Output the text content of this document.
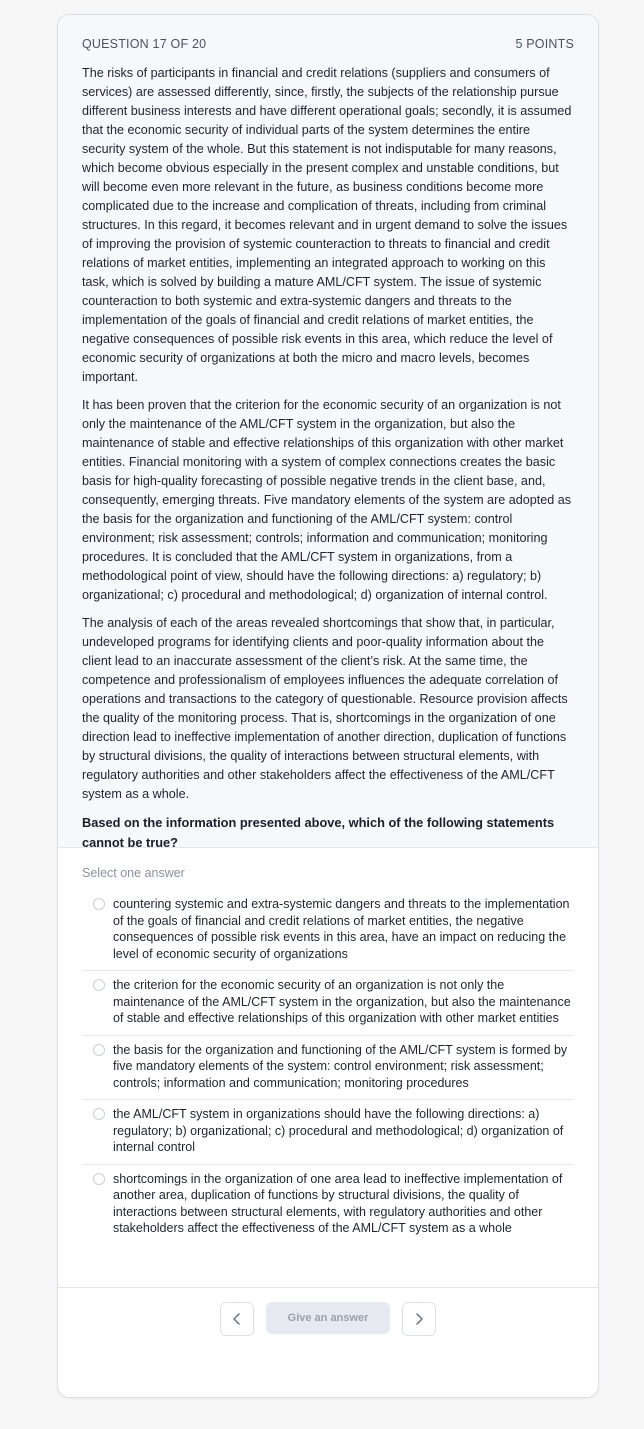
QUESTION 17 OF 20	5 POINTS

The risks of participants in financial and credit relations (suppliers and consumers of services) are assessed differently, since, firstly, the subjects of the relationship pursue different business interests and have different operational goals; secondly, it is assumed that the economic security of individual parts of the system determines the entire security system of the whole. But this statement is not indisputable for many reasons, which become obvious especially in the present complex and unstable conditions, but will become even more relevant in the future, as business conditions become more complicated due to the increase and complication of threats, including from criminal structures. In this regard, it becomes relevant and in urgent demand to solve the issues of improving the provision of systemic counteraction to threats to financial and credit relations of market entities, implementing an integrated approach to working on this task, which is solved by building a mature AML/CFT system. The issue of systemic counteraction to both systemic and extra-systemic dangers and threats to the implementation of the goals of financial and credit relations of market entities, the negative consequences of possible risk events in this area, which reduce the level of economic security of organizations at both the micro and macro levels, becomes important.

It has been proven that the criterion for the economic security of an organization is not only the maintenance of the AML/CFT system in the organization, but also the maintenance of stable and effective relationships of this organization with other market entities. Financial monitoring with a system of complex connections creates the basic basis for high-quality forecasting of possible negative trends in the client base, and, consequently, emerging threats. Five mandatory elements of the system are adopted as the basis for the organization and functioning of the AML/CFT system: control environment; risk assessment; controls; information and communication; monitoring procedures. It is concluded that the AML/CFT system in organizations, from a methodological point of view, should have the following directions: a) regulatory; b) organizational; c) procedural and methodological; d) organization of internal control.

The analysis of each of the areas revealed shortcomings that show that, in particular, undeveloped programs for identifying clients and poor-quality information about the client lead to an inaccurate assessment of the client’s risk. At the same time, the competence and professionalism of employees influences the adequate correlation of operations and transactions to the category of questionable. Resource provision affects the quality of the monitoring process. That is, shortcomings in the organization of one direction lead to ineffective implementation of another direction, duplication of functions by structural divisions, the quality of interactions between structural elements, with regulatory authorities and other stakeholders affect the effectiveness of the AML/CFT system as a whole.

Based on the information presented above, which of the following statements cannot be true?
Select one answer
countering systemic and extra-systemic dangers and threats to the implementation of the goals of financial and credit relations of market entities, the negative consequences of possible risk events in this area, have an impact on reducing the level of economic security of organizations
the criterion for the economic security of an organization is not only the maintenance of the AML/CFT system in the organization, but also the maintenance of stable and effective relationships of this organization with other market entities
the basis for the organization and functioning of the AML/CFT system is formed by five mandatory elements of the system: control environment; risk assessment; controls; information and communication; monitoring procedures
the AML/CFT system in organizations should have the following directions: a) regulatory; b) organizational; c) procedural and methodological; d) organization of internal control
shortcomings in the organization of one area lead to ineffective implementation of another area, duplication of functions by structural divisions, the quality of interactions between structural elements, with regulatory authorities and other stakeholders affect the effectiveness of the AML/CFT system as a whole
Give an answer
